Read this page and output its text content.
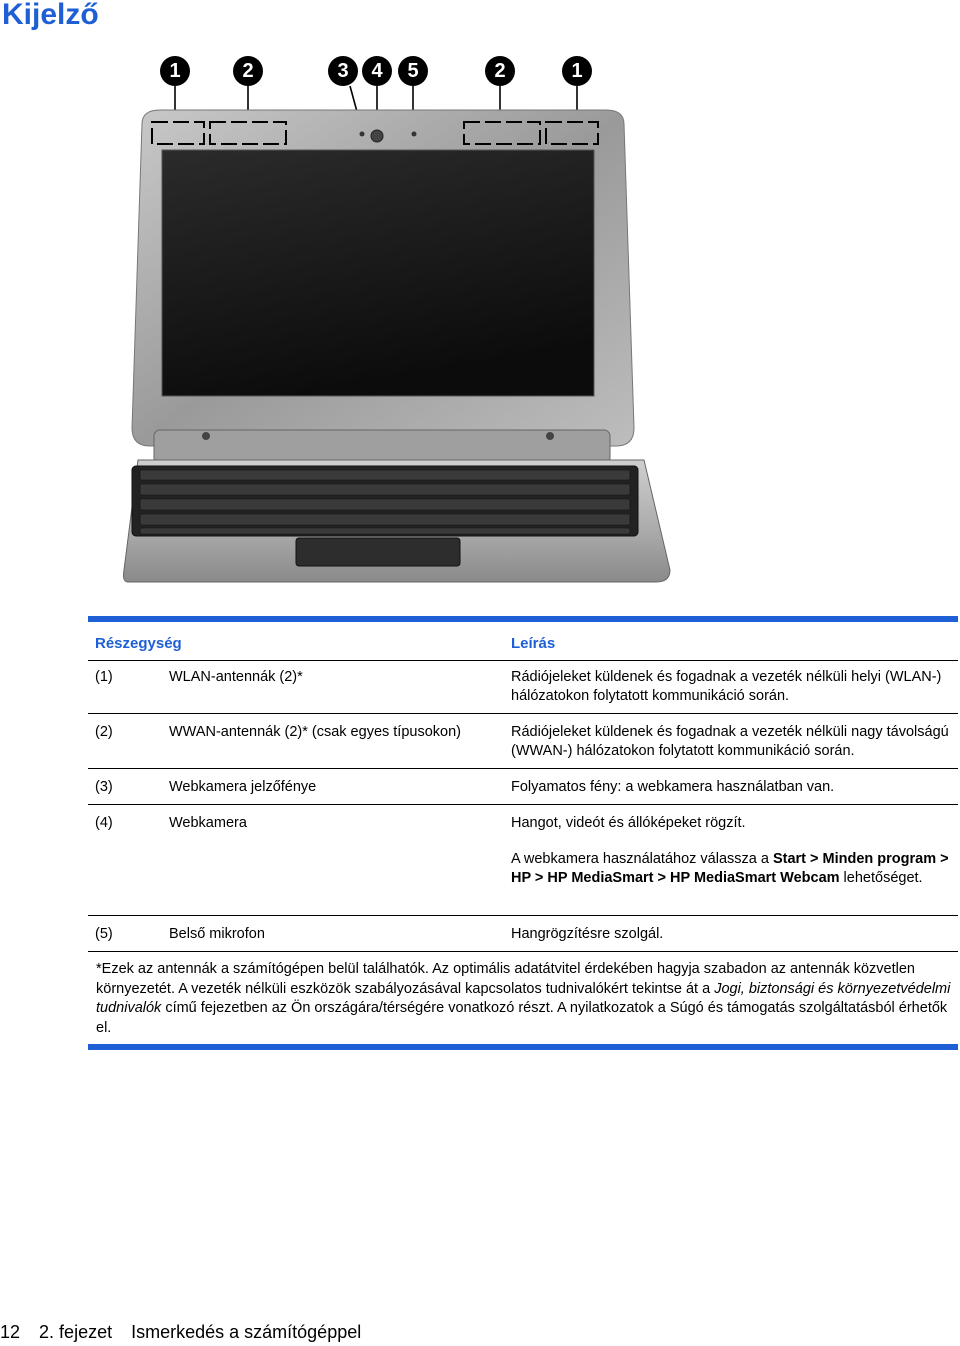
Kijelző
1	2	3	4	5	2	1
Részegység	Leírás
(1)	WLAN-antennák (2)*	Rádiójeleket küldenek és fogadnak a vezeték nélküli helyi (WLAN-) hálózatokon folytatott kommunikáció során.
(2)	WWAN-antennák (2)* (csak egyes típusokon)	Rádiójeleket küldenek és fogadnak a vezeték nélküli nagy távolságú (WWAN-) hálózatokon folytatott kommunikáció során.
(3)	Webkamera jelzőfénye	Folyamatos fény: a webkamera használatban van.
(4)	Webkamera	Hangot, videót és állóképeket rögzít.
A webkamera használatához válassza a Start > Minden program > HP > HP MediaSmart > HP MediaSmart Webcam lehetőséget.
(5)	Belső mikrofon	Hangrögzítésre szolgál.
*Ezek az antennák a számítógépen belül találhatók. Az optimális adatátvitel érdekében hagyja szabadon az antennák közvetlen környezetét. A vezeték nélküli eszközök szabályozásával kapcsolatos tudnivalókért tekintse át a Jogi, biztonsági és környezetvédelmi tudnivalók című fejezetben az Ön országára/térségére vonatkozó részt. A nyilatkozatok a Súgó és támogatás szolgáltatásból érhetők el.
12 2. fejezet Ismerkedés a számítógéppel
